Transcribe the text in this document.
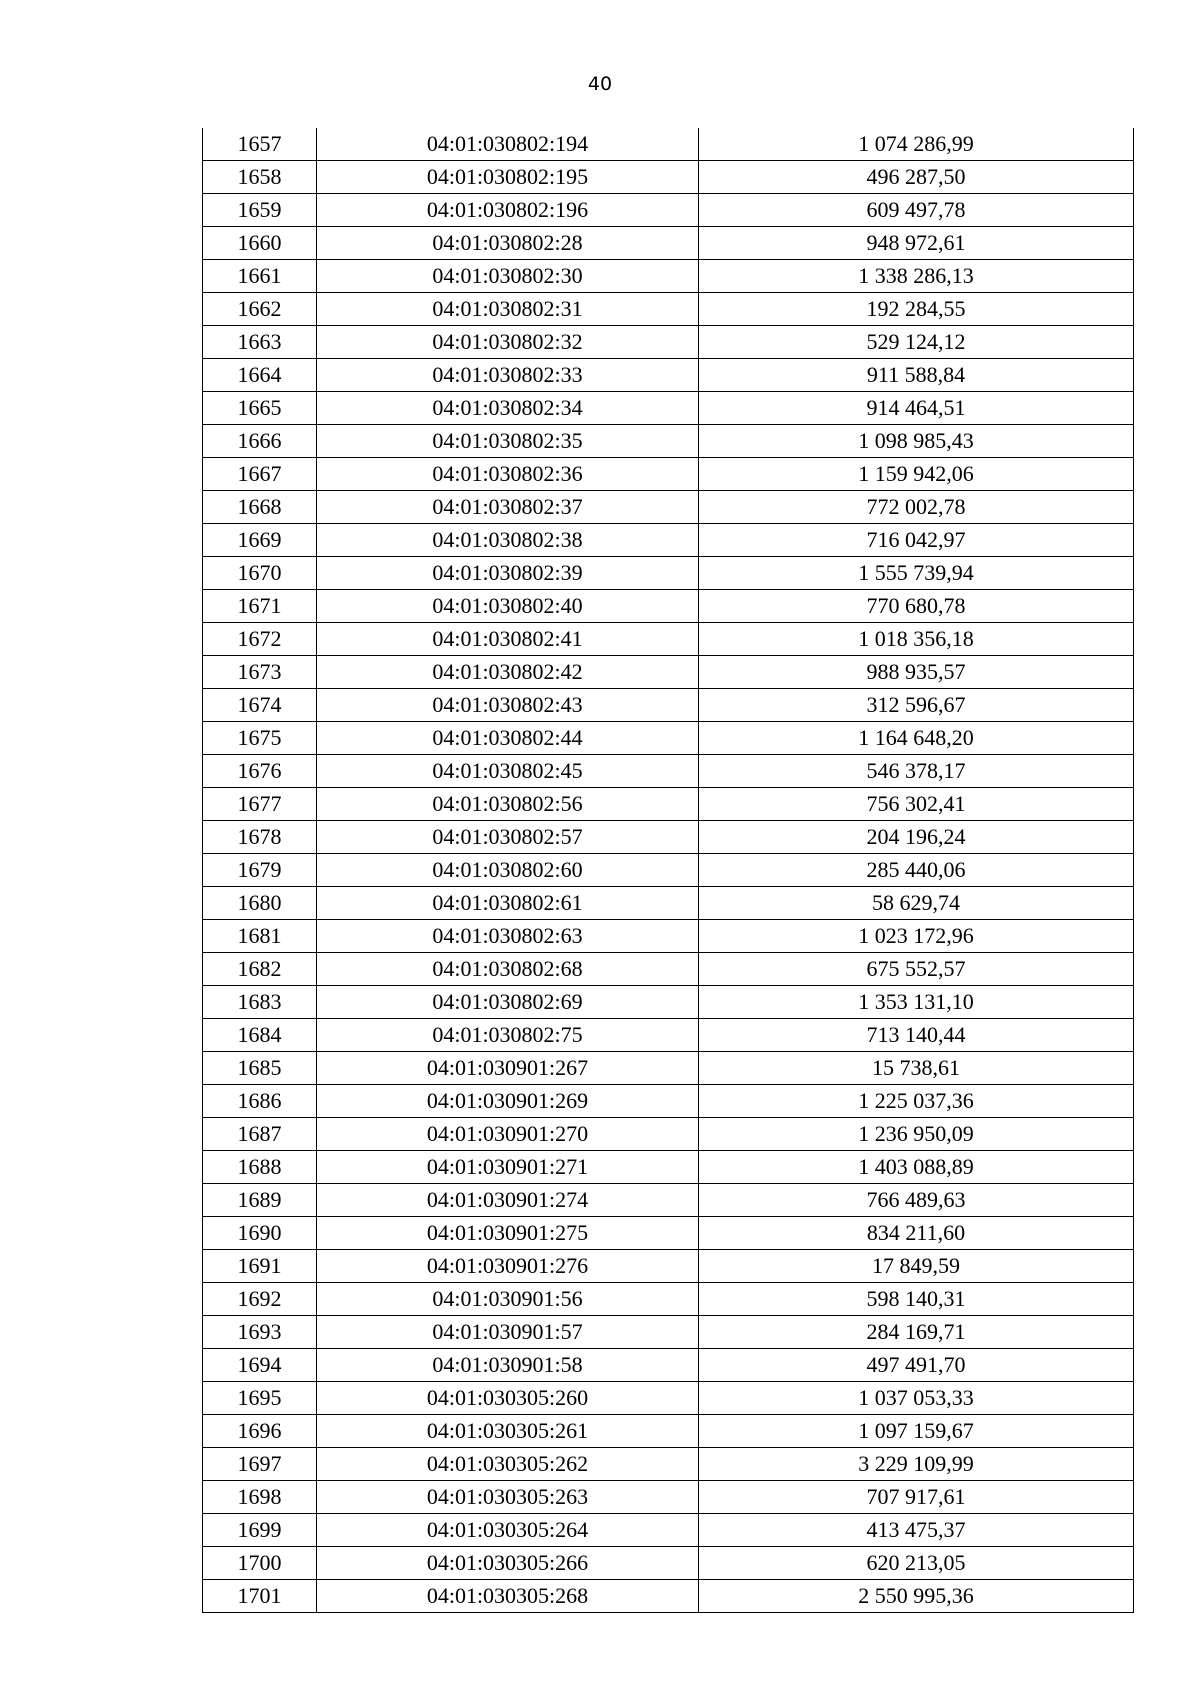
40
1657	04:01:030802:194	1 074 286,99
1658	04:01:030802:195	496 287,50
1659	04:01:030802:196	609 497,78
1660	04:01:030802:28	948 972,61
1661	04:01:030802:30	1 338 286,13
1662	04:01:030802:31	192 284,55
1663	04:01:030802:32	529 124,12
1664	04:01:030802:33	911 588,84
1665	04:01:030802:34	914 464,51
1666	04:01:030802:35	1 098 985,43
1667	04:01:030802:36	1 159 942,06
1668	04:01:030802:37	772 002,78
1669	04:01:030802:38	716 042,97
1670	04:01:030802:39	1 555 739,94
1671	04:01:030802:40	770 680,78
1672	04:01:030802:41	1 018 356,18
1673	04:01:030802:42	988 935,57
1674	04:01:030802:43	312 596,67
1675	04:01:030802:44	1 164 648,20
1676	04:01:030802:45	546 378,17
1677	04:01:030802:56	756 302,41
1678	04:01:030802:57	204 196,24
1679	04:01:030802:60	285 440,06
1680	04:01:030802:61	58 629,74
1681	04:01:030802:63	1 023 172,96
1682	04:01:030802:68	675 552,57
1683	04:01:030802:69	1 353 131,10
1684	04:01:030802:75	713 140,44
1685	04:01:030901:267	15 738,61
1686	04:01:030901:269	1 225 037,36
1687	04:01:030901:270	1 236 950,09
1688	04:01:030901:271	1 403 088,89
1689	04:01:030901:274	766 489,63
1690	04:01:030901:275	834 211,60
1691	04:01:030901:276	17 849,59
1692	04:01:030901:56	598 140,31
1693	04:01:030901:57	284 169,71
1694	04:01:030901:58	497 491,70
1695	04:01:030305:260	1 037 053,33
1696	04:01:030305:261	1 097 159,67
1697	04:01:030305:262	3 229 109,99
1698	04:01:030305:263	707 917,61
1699	04:01:030305:264	413 475,37
1700	04:01:030305:266	620 213,05
1701	04:01:030305:268	2 550 995,36
